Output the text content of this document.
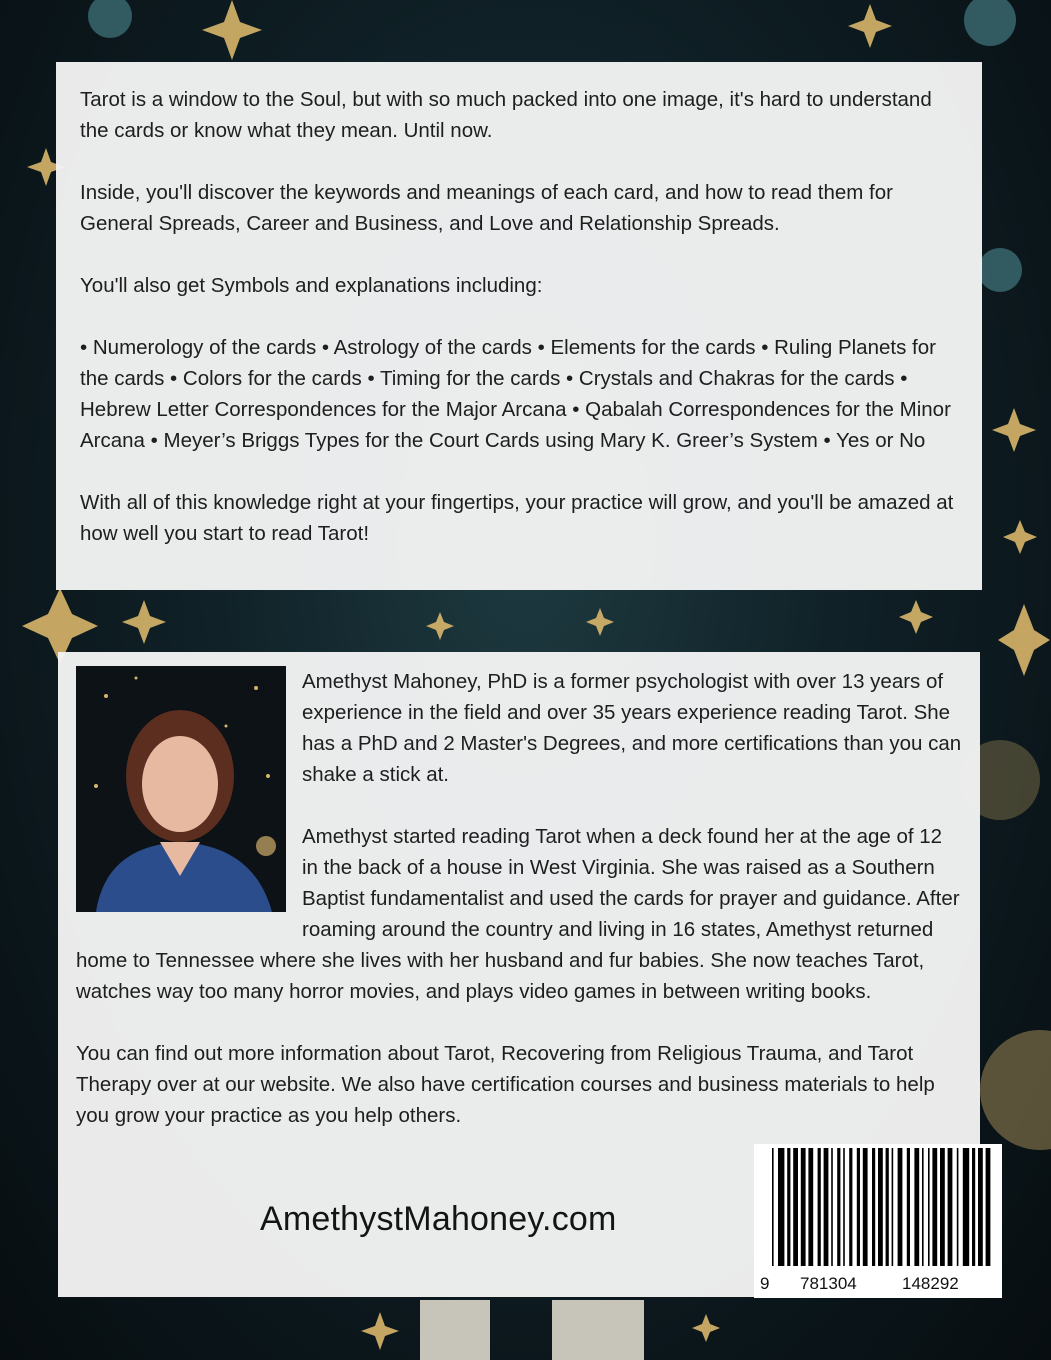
Tarot is a window to the Soul, but with so much packed into one image, it's hard to understand the cards or know what they mean. Until now.

Inside, you'll discover the keywords and meanings of each card, and how to read them for General Spreads, Career and Business, and Love and Relationship Spreads.

You'll also get Symbols and explanations including:

• Numerology of the cards • Astrology of the cards • Elements for the cards • Ruling Planets for the cards • Colors for the cards • Timing for the cards • Crystals and Chakras for the cards • Hebrew Letter Correspondences for the Major Arcana • Qabalah Correspondences for the Minor Arcana • Meyer’s Briggs Types for the Court Cards using Mary K. Greer’s System • Yes or No

With all of this knowledge right at your fingertips, your practice will grow, and you'll be amazed at how well you start to read Tarot!

Amethyst Mahoney, PhD is a former psychologist with over 13 years of experience in the field and over 35 years experience reading Tarot. She has a PhD and 2 Master's Degrees, and more certifications than you can shake a stick at.

Amethyst started reading Tarot when a deck found her at the age of 12 in the back of a house in West Virginia. She was raised as a Southern Baptist fundamentalist and used the cards for prayer and guidance. After roaming around the country and living in 16 states, Amethyst returned home to Tennessee where she lives with her husband and fur babies. She now teaches Tarot, watches way too many horror movies, and plays video games in between writing books.

You can find out more information about Tarot, Recovering from Religious Trauma, and Tarot Therapy over at our website. We also have certification courses and business materials to help you grow your practice as you help others.

AmethystMahoney.com
9 781304	148292
